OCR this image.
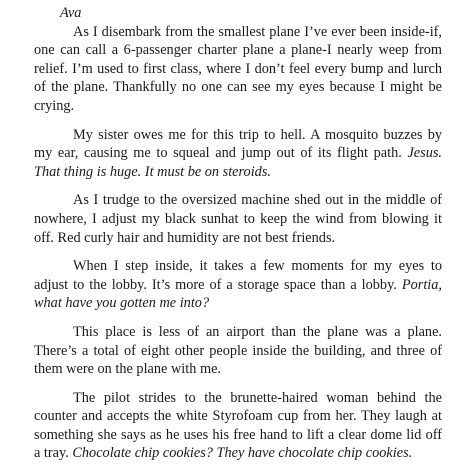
Ava

As I disembark from the smallest plane I’ve ever been inside-if, one can call a 6-passenger charter plane a plane-I nearly weep from relief. I’m used to first class, where I don’t feel every bump and lurch of the plane. Thankfully no one can see my eyes because I might be crying.

My sister owes me for this trip to hell. A mosquito buzzes by my ear, causing me to squeal and jump out of its flight path. Jesus. That thing is huge. It must be on steroids.

As I trudge to the oversized machine shed out in the middle of nowhere, I adjust my black sunhat to keep the wind from blowing it off. Red curly hair and humidity are not best friends.

When I step inside, it takes a few moments for my eyes to adjust to the lobby. It’s more of a storage space than a lobby. Portia, what have you gotten me into?

This place is less of an airport than the plane was a plane. There’s a total of eight other people inside the building, and three of them were on the plane with me.

The pilot strides to the brunette-haired woman behind the counter and accepts the white Styrofoam cup from her. They laugh at something she says as he uses his free hand to lift a clear dome lid off a tray. Chocolate chip cookies? They have chocolate chip cookies.
